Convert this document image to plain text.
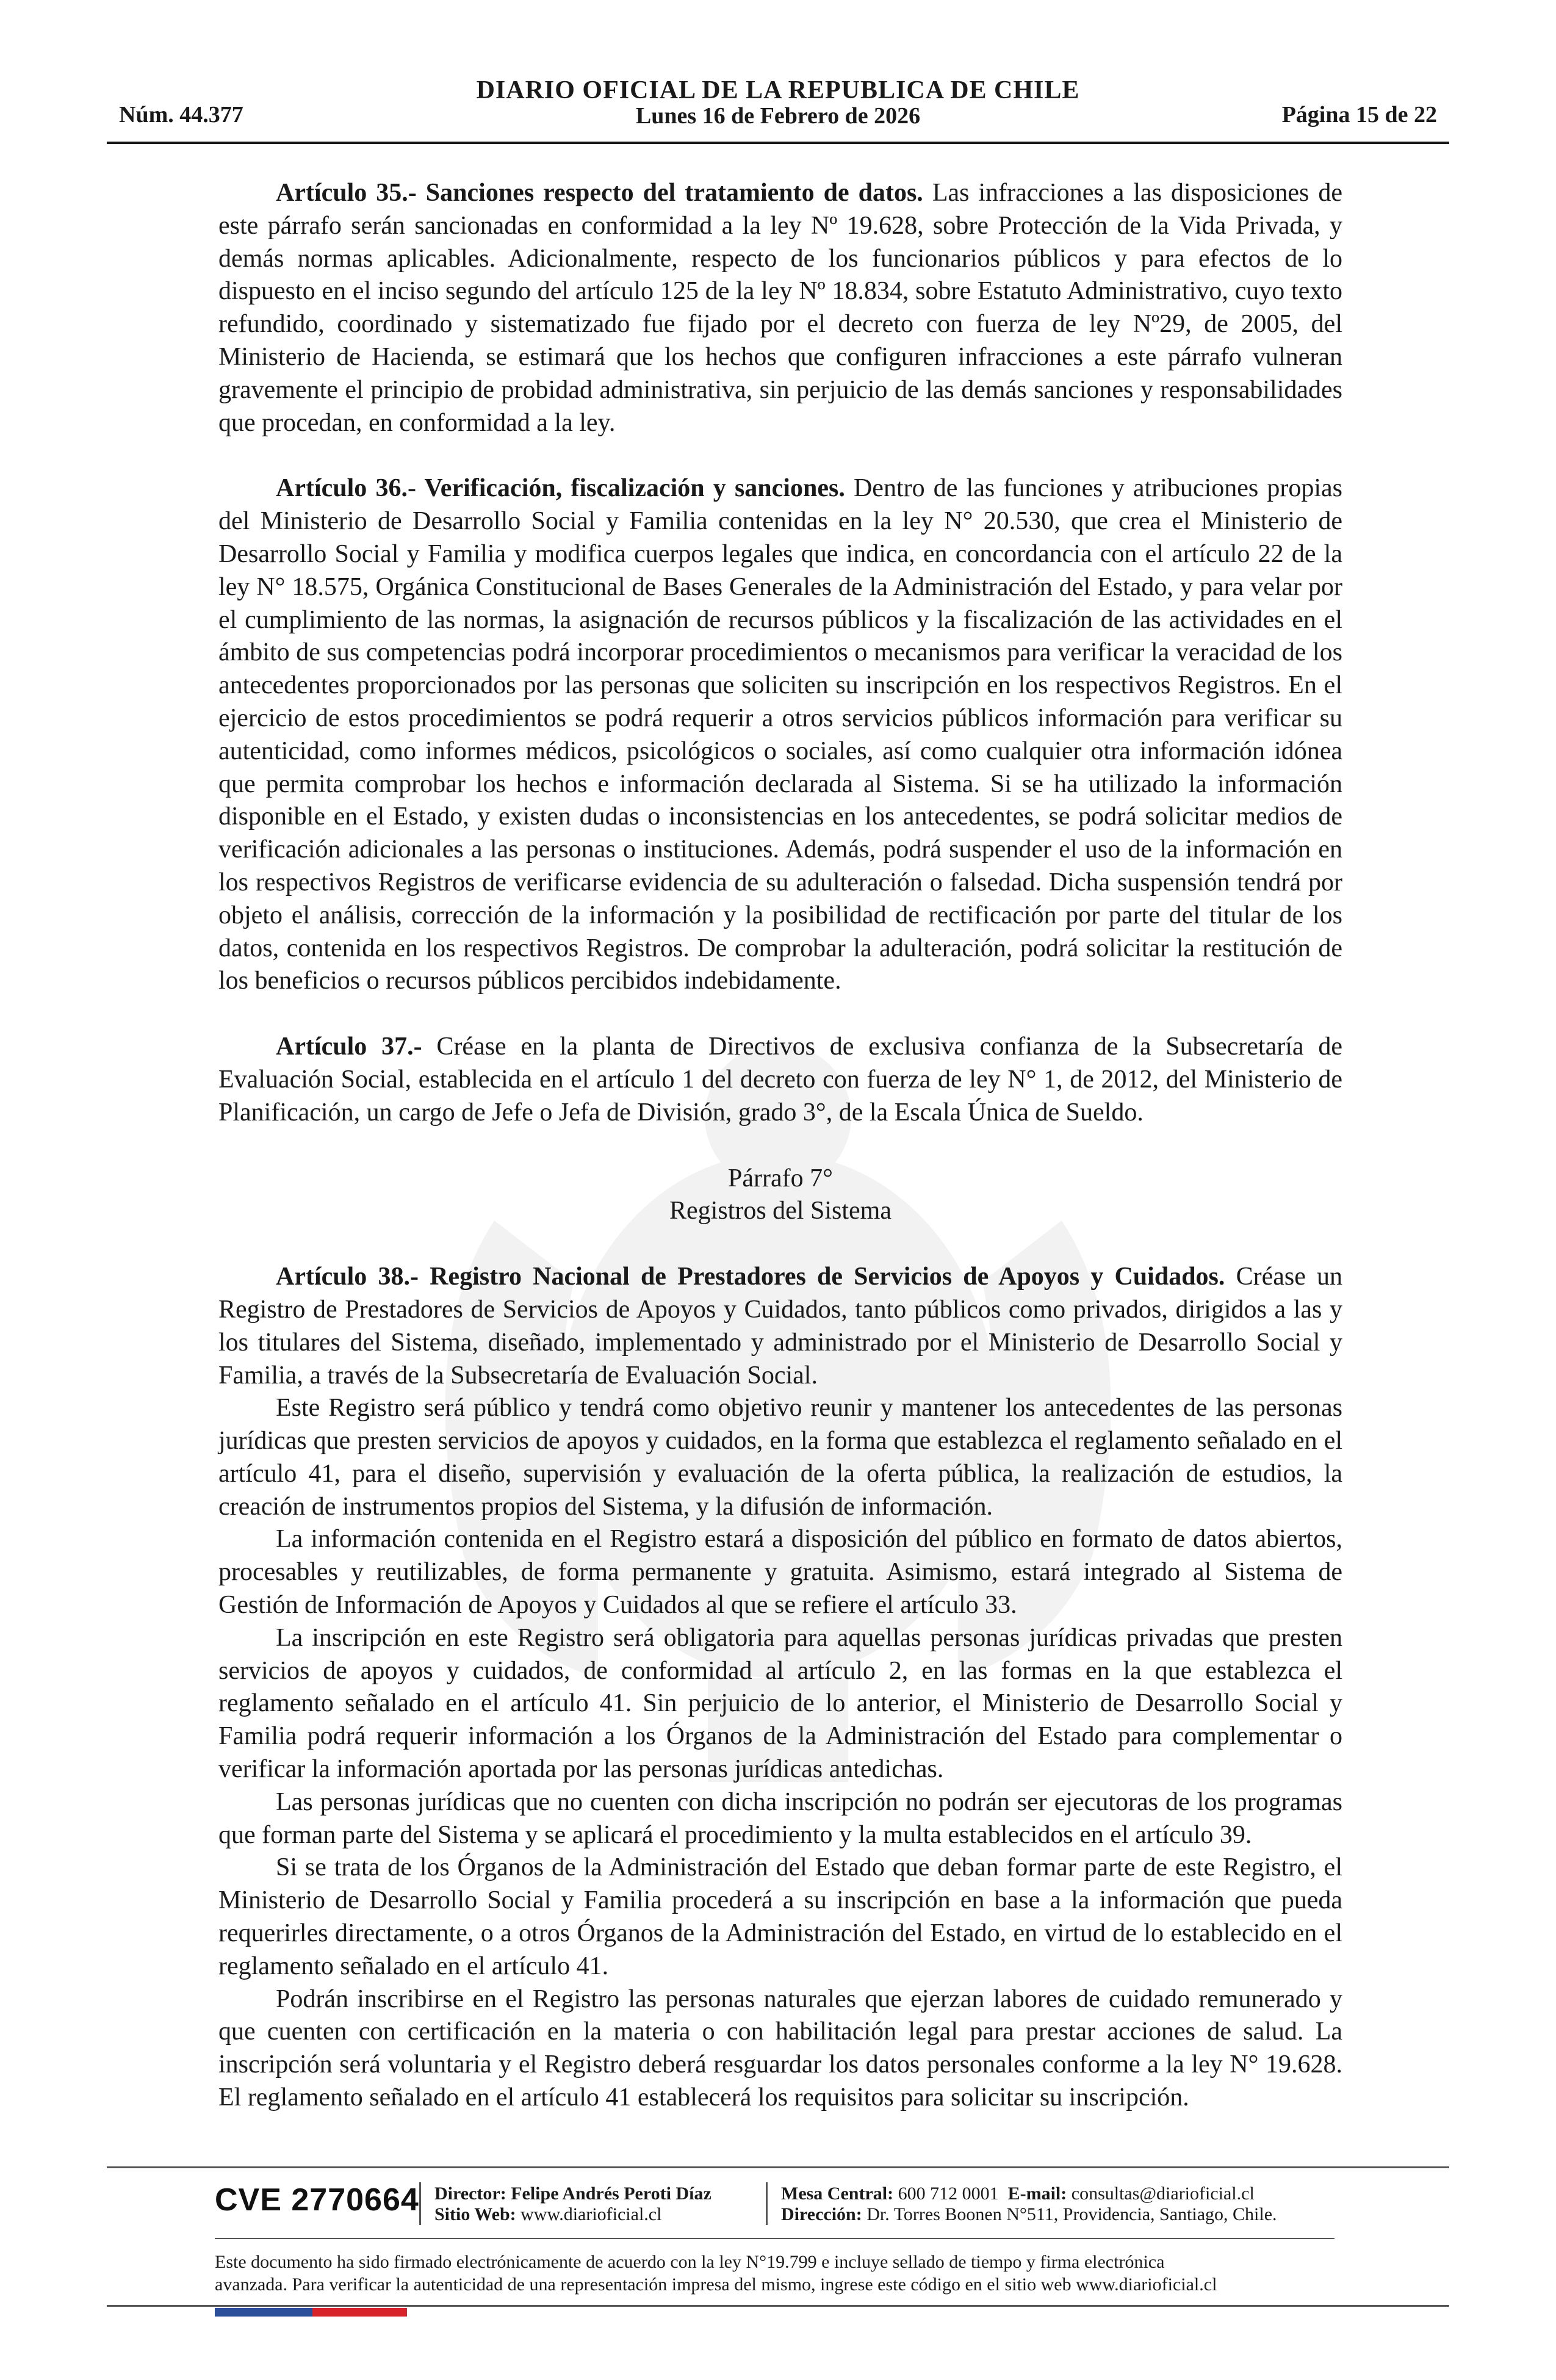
DIARIO OFICIAL DE LA REPUBLICA DE CHILE
Núm. 44.377	Lunes 16 de Febrero de 2026	Página 15 de 22

Artículo 35.- Sanciones respecto del tratamiento de datos. Las infracciones a las disposiciones de este párrafo serán sancionadas en conformidad a la ley Nº 19.628, sobre Protección de la Vida Privada, y demás normas aplicables. Adicionalmente, respecto de los funcionarios públicos y para efectos de lo dispuesto en el inciso segundo del artículo 125 de la ley Nº 18.834, sobre Estatuto Administrativo, cuyo texto refundido, coordinado y sistematizado fue fijado por el decreto con fuerza de ley Nº29, de 2005, del Ministerio de Hacienda, se estimará que los hechos que configuren infracciones a este párrafo vulneran gravemente el principio de probidad administrativa, sin perjuicio de las demás sanciones y responsabilidades que procedan, en conformidad a la ley.

Artículo 36.- Verificación, fiscalización y sanciones. Dentro de las funciones y atribuciones propias del Ministerio de Desarrollo Social y Familia contenidas en la ley N° 20.530, que crea el Ministerio de Desarrollo Social y Familia y modifica cuerpos legales que indica, en concordancia con el artículo 22 de la ley N° 18.575, Orgánica Constitucional de Bases Generales de la Administración del Estado, y para velar por el cumplimiento de las normas, la asignación de recursos públicos y la fiscalización de las actividades en el ámbito de sus competencias podrá incorporar procedimientos o mecanismos para verificar la veracidad de los antecedentes proporcionados por las personas que soliciten su inscripción en los respectivos Registros. En el ejercicio de estos procedimientos se podrá requerir a otros servicios públicos información para verificar su autenticidad, como informes médicos, psicológicos o sociales, así como cualquier otra información idónea que permita comprobar los hechos e información declarada al Sistema. Si se ha utilizado la información disponible en el Estado, y existen dudas o inconsistencias en los antecedentes, se podrá solicitar medios de verificación adicionales a las personas o instituciones. Además, podrá suspender el uso de la información en los respectivos Registros de verificarse evidencia de su adulteración o falsedad. Dicha suspensión tendrá por objeto el análisis, corrección de la información y la posibilidad de rectificación por parte del titular de los datos, contenida en los respectivos Registros. De comprobar la adulteración, podrá solicitar la restitución de los beneficios o recursos públicos percibidos indebidamente.

Artículo 37.- Créase en la planta de Directivos de exclusiva confianza de la Subsecretaría de Evaluación Social, establecida en el artículo 1 del decreto con fuerza de ley N° 1, de 2012, del Ministerio de Planificación, un cargo de Jefe o Jefa de División, grado 3°, de la Escala Única de Sueldo.

Párrafo 7°
Registros del Sistema

Artículo 38.- Registro Nacional de Prestadores de Servicios de Apoyos y Cuidados. Créase un Registro de Prestadores de Servicios de Apoyos y Cuidados, tanto públicos como privados, dirigidos a las y los titulares del Sistema, diseñado, implementado y administrado por el Ministerio de Desarrollo Social y Familia, a través de la Subsecretaría de Evaluación Social.

Este Registro será público y tendrá como objetivo reunir y mantener los antecedentes de las personas jurídicas que presten servicios de apoyos y cuidados, en la forma que establezca el reglamento señalado en el artículo 41, para el diseño, supervisión y evaluación de la oferta pública, la realización de estudios, la creación de instrumentos propios del Sistema, y la difusión de información.

La información contenida en el Registro estará a disposición del público en formato de datos abiertos, procesables y reutilizables, de forma permanente y gratuita. Asimismo, estará integrado al Sistema de Gestión de Información de Apoyos y Cuidados al que se refiere el artículo 33.

La inscripción en este Registro será obligatoria para aquellas personas jurídicas privadas que presten servicios de apoyos y cuidados, de conformidad al artículo 2, en las formas en la que establezca el reglamento señalado en el artículo 41. Sin perjuicio de lo anterior, el Ministerio de Desarrollo Social y Familia podrá requerir información a los Órganos de la Administración del Estado para complementar o verificar la información aportada por las personas jurídicas antedichas.

Las personas jurídicas que no cuenten con dicha inscripción no podrán ser ejecutoras de los programas que forman parte del Sistema y se aplicará el procedimiento y la multa establecidos en el artículo 39.

Si se trata de los Órganos de la Administración del Estado que deban formar parte de este Registro, el Ministerio de Desarrollo Social y Familia procederá a su inscripción en base a la información que pueda requerirles directamente, o a otros Órganos de la Administración del Estado, en virtud de lo establecido en el reglamento señalado en el artículo 41.

Podrán inscribirse en el Registro las personas naturales que ejerzan labores de cuidado remunerado y que cuenten con certificación en la materia o con habilitación legal para prestar acciones de salud. La inscripción será voluntaria y el Registro deberá resguardar los datos personales conforme a la ley N° 19.628. El reglamento señalado en el artículo 41 establecerá los requisitos para solicitar su inscripción.

CVE 2770664 Director: Felipe Andrés Peroti Díaz
Sitio Web: www.diarioficial.cl
Mesa Central: 600 712 0001 E-mail: consultas@diarioficial.cl
Dirección: Dr. Torres Boonen N°511, Providencia, Santiago, Chile.
Este documento ha sido firmado electrónicamente de acuerdo con la ley N°19.799 e incluye sellado de tiempo y firma electrónica
avanzada. Para verificar la autenticidad de una representación impresa del mismo, ingrese este código en el sitio web www.diarioficial.cl
